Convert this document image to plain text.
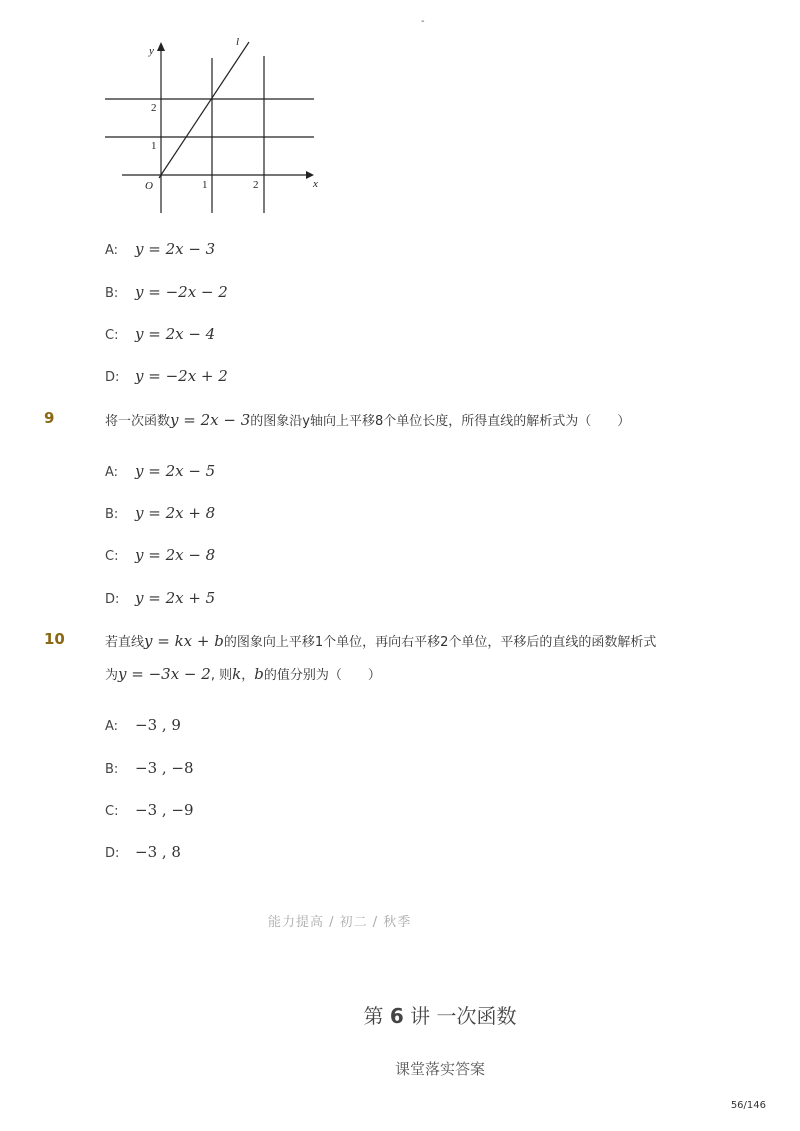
-
y
l
2
1
O	1	2	x
A: y = 2x − 3
B: y = −2x − 2
C: y = 2x − 4
D: y = −2x + 2
9	将一次函数y = 2x − 3的图象沿y轴向上平移8个单位长度，所得直线的解析式为（　　）
A: y = 2x − 5
B: y = 2x + 8
C: y = 2x − 8
D: y = 2x + 5
10	若直线y = kx + b的图象向上平移1个单位，再向右平移2个单位，平移后的直线的函数解析式
为y = −3x − 2, 则k，b的值分别为（　　）
A: −3 , 9
B: −3 , −8
C: −3 , −9
D: −3 , 8
能力提高 / 初二 / 秋季
第 6 讲 一次函数
课堂落实答案
56/146
